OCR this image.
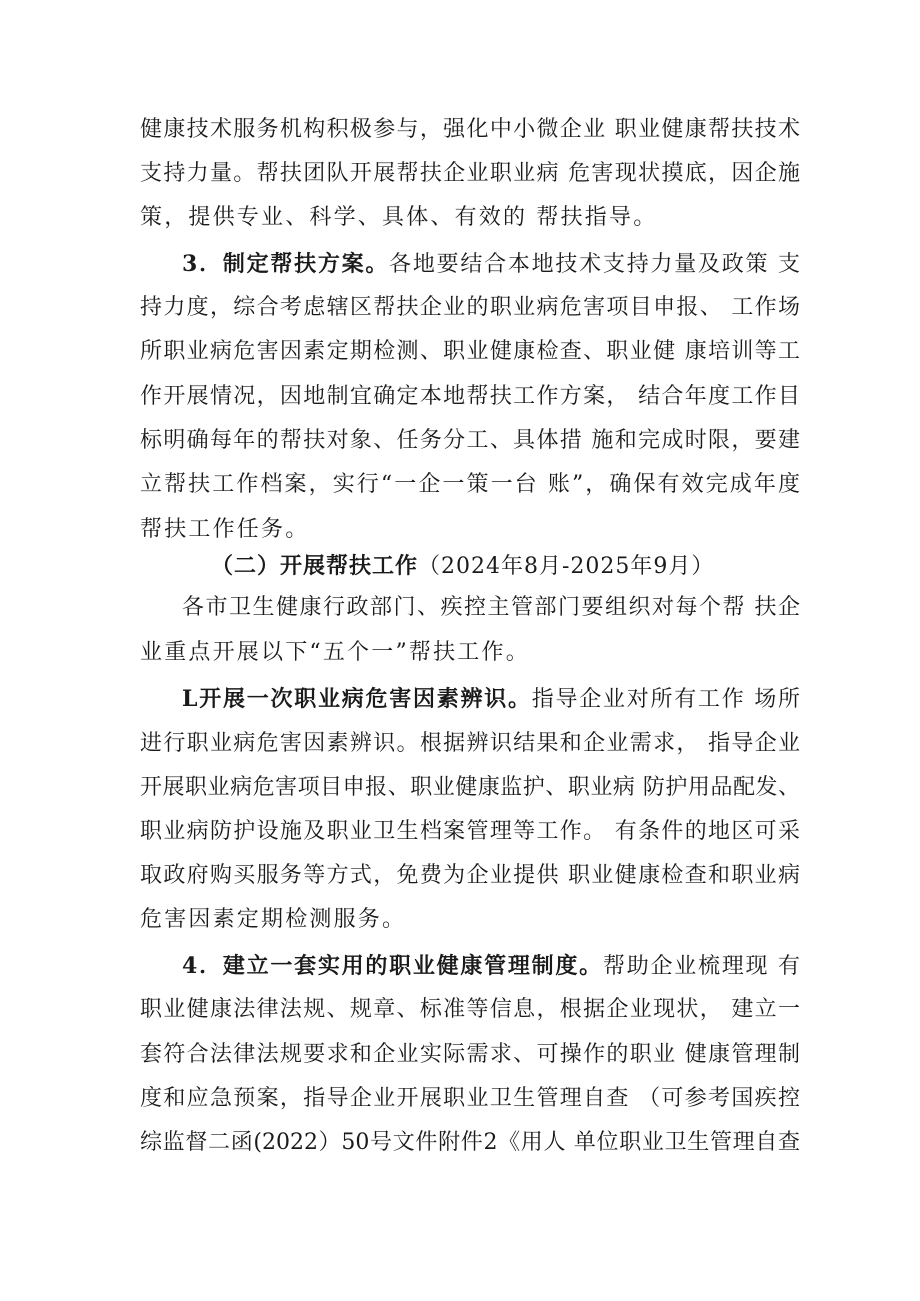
健康技术服务机构积极参与，强化中小微企业 职业健康帮扶技术
支持力量。帮扶团队开展帮扶企业职业病 危害现状摸底，因企施
策，提供专业、科学、具体、有效的 帮扶指导。
3．制定帮扶方案。各地要结合本地技术支持力量及政策 支
持力度，综合考虑辖区帮扶企业的职业病危害项目申报、 工作场
所职业病危害因素定期检测、职业健康检查、职业健 康培训等工
作开展情况，因地制宜确定本地帮扶工作方案， 结合年度工作目
标明确每年的帮扶对象、任务分工、具体措 施和完成时限，要建
立帮扶工作档案，实行“一企一策一台 账”，确保有效完成年度
帮扶工作任务。
（二）开展帮扶工作（2024年8月-2025年9月）
各市卫生健康行政部门、疾控主管部门要组织对每个帮 扶企
业重点开展以下“五个一”帮扶工作。
L开展一次职业病危害因素辨识。指导企业对所有工作 场所
进行职业病危害因素辨识。根据辨识结果和企业需求， 指导企业
开展职业病危害项目申报、职业健康监护、职业病 防护用品配发、
职业病防护设施及职业卫生档案管理等工作。 有条件的地区可采
取政府购买服务等方式，免费为企业提供 职业健康检查和职业病
危害因素定期检测服务。
4．建立一套实用的职业健康管理制度。帮助企业梳理现 有
职业健康法律法规、规章、标准等信息，根据企业现状， 建立一
套符合法律法规要求和企业实际需求、可操作的职业 健康管理制
度和应急预案，指导企业开展职业卫生管理自查 （可参考国疾控
综监督二函(2022）50号文件附件2《用人 单位职业卫生管理自查
